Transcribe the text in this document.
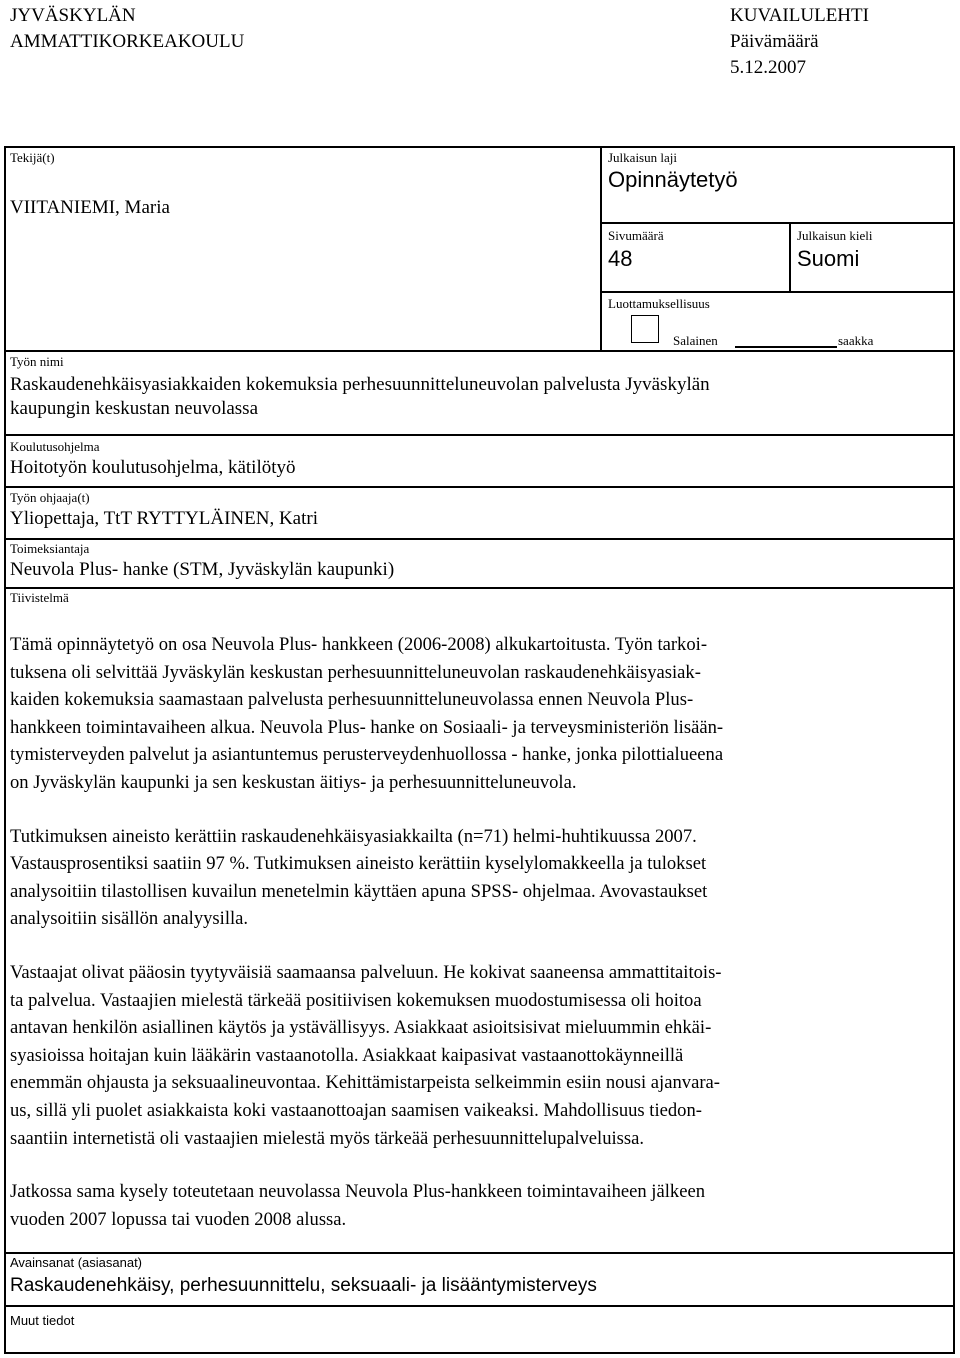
JYVÄSKYLÄN
AMMATTIKORKEAKOULU
KUVAILULEHTI
Päivämäärä
5.12.2007
Tekijä(t)
VIITANIEMI, Maria
Julkaisun laji
Opinnäytetyö
Sivumäärä
48
Julkaisun kieli
Suomi
Luottamuksellisuus
Salainen	saakka
Työn nimi
Raskaudenehkäisyasiakkaiden kokemuksia perhesuunnitteluneuvolan palvelusta Jyväskylän
kaupungin keskustan neuvolassa
Koulutusohjelma
Hoitotyön koulutusohjelma, kätilötyö
Työn ohjaaja(t)
Yliopettaja, TtT RYTTYLÄINEN, Katri
Toimeksiantaja
Neuvola Plus- hanke (STM, Jyväskylän kaupunki)
Tiivistelmä
Tämä opinnäytetyö on osa Neuvola Plus- hankkeen (2006-2008) alkukartoitusta. Työn tarkoi-
tuksena oli selvittää Jyväskylän keskustan perhesuunnitteluneuvolan raskaudenehkäisyasiak-
kaiden kokemuksia saamastaan palvelusta perhesuunnitteluneuvolassa ennen Neuvola Plus-
hankkeen toimintavaiheen alkua. Neuvola Plus- hanke on Sosiaali- ja terveysministeriön lisään-
tymisterveyden palvelut ja asiantuntemus perusterveydenhuollossa - hanke, jonka pilottialueena
on Jyväskylän kaupunki ja sen keskustan äitiys- ja perhesuunnitteluneuvola.
Tutkimuksen aineisto kerättiin raskaudenehkäisyasiakkailta (n=71) helmi-huhtikuussa 2007.
Vastausprosentiksi saatiin 97 %. Tutkimuksen aineisto kerättiin kyselylomakkeella ja tulokset
analysoitiin tilastollisen kuvailun menetelmin käyttäen apuna SPSS- ohjelmaa. Avovastaukset
analysoitiin sisällön analyysilla.
Vastaajat olivat pääosin tyytyväisiä saamaansa palveluun. He kokivat saaneensa ammattitaitois-
ta palvelua. Vastaajien mielestä tärkeää positiivisen kokemuksen muodostumisessa oli hoitoa
antavan henkilön asiallinen käytös ja ystävällisyys. Asiakkaat asioitsisivat mieluummin ehkäi-
syasioissa hoitajan kuin lääkärin vastaanotolla. Asiakkaat kaipasivat vastaanottokäynneillä
enemmän ohjausta ja seksuaalineuvontaa. Kehittämistarpeista selkeimmin esiin nousi ajanvara-
us, sillä yli puolet asiakkaista koki vastaanottoajan saamisen vaikeaksi. Mahdollisuus tiedon-
saantiin internetistä oli vastaajien mielestä myös tärkeää perhesuunnittelupalveluissa.
Jatkossa sama kysely toteutetaan neuvolassa Neuvola Plus-hankkeen toimintavaiheen jälkeen
vuoden 2007 lopussa tai vuoden 2008 alussa.
Avainsanat (asiasanat)
Raskaudenehkäisy, perhesuunnittelu, seksuaali- ja lisääntymisterveys
Muut tiedot
